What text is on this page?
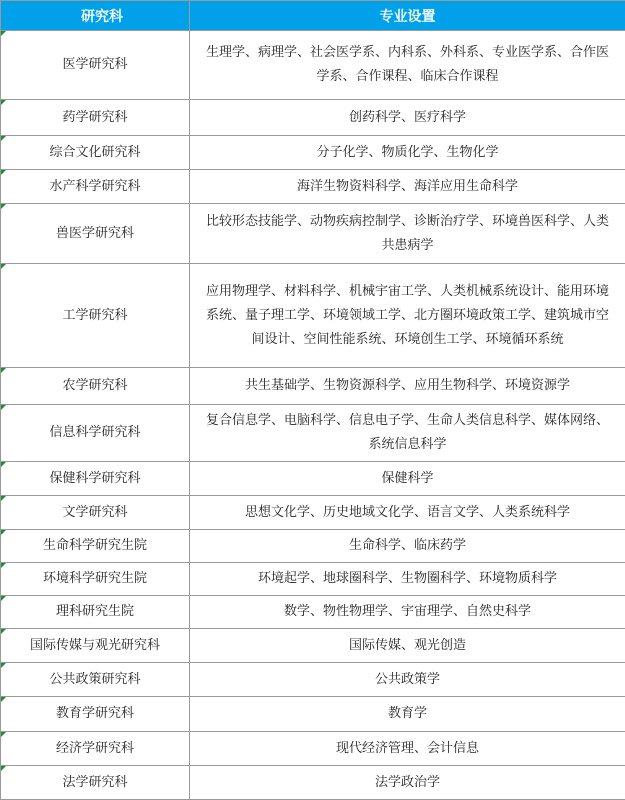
研究科	专业设置

医学研究科	生理学、病理学、社会医学系、内科系、外科系、专业医学系、合作医学系、合作课程、临床合作课程

药学研究科	创药科学、医疗科学

综合文化研究科	分子化学、物质化学、生物化学

水产科学研究科	海洋生物资料科学、海洋应用生命科学

兽医学研究科	比较形态技能学、动物疾病控制学、诊断治疗学、环境兽医科学、人类共患病学

工学研究科	应用物理学、材料科学、机械宇宙工学、人类机械系统设计、能用环境系统、量子理工学、环境领域工学、北方圈环境政策工学、建筑城市空间设计、空间性能系统、环境创生工学、环境循环系统

农学研究科	共生基础学、生物资源科学、应用生物科学、环境资源学

信息科学研究科	复合信息学、电脑科学、信息电子学、生命人类信息科学、媒体网络、系统信息科学

保健科学研究科	保健科学

文学研究科	思想文化学、历史地域文化学、语言文学、人类系统科学

生命科学研究生院	生命科学、临床药学

环境科学研究生院	环境起学、地球圈科学、生物圈科学、环境物质科学

理科研究生院	数学、物性物理学、宇宙理学、自然史科学

国际传媒与观光研究科	国际传媒、观光创造

公共政策研究科	公共政策学

教育学研究科	教育学

经济学研究科	现代经济管理、会计信息

法学研究科	法学政治学
